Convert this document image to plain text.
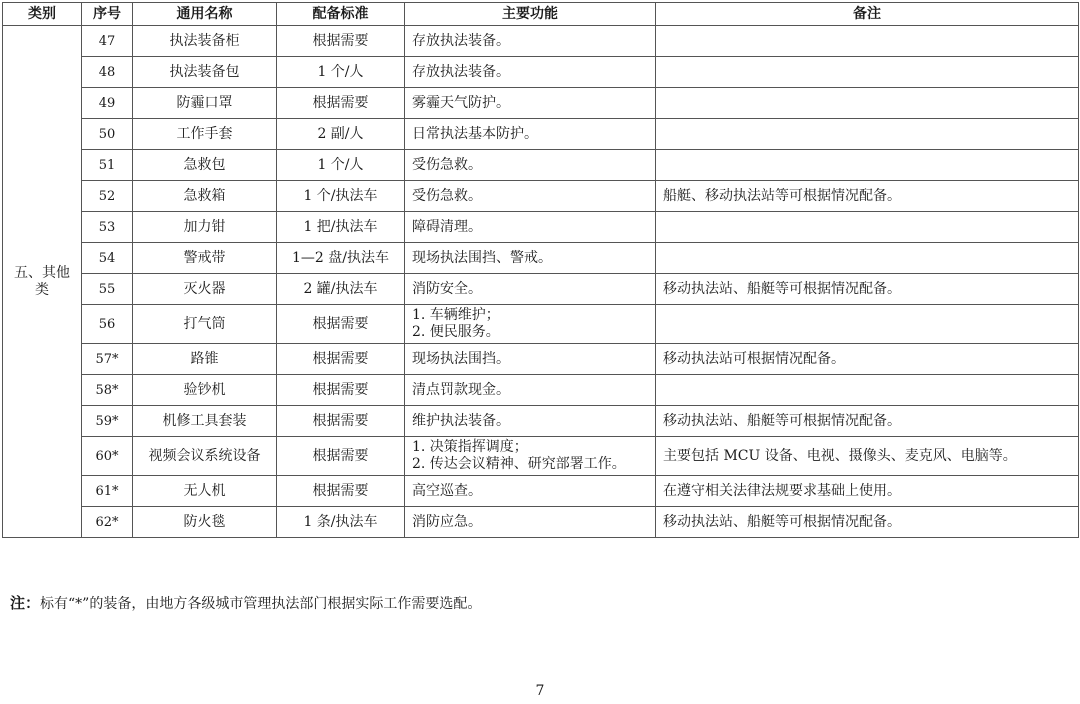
类别	序号	通用名称	配备标准	主要功能	备注
五、其他类	47	执法装备柜	根据需要	存放执法装备。	

	48	执法装备包	1 个/人	存放执法装备。	

	49	防霾口罩	根据需要	雾霾天气防护。	

	50	工作手套	2 副/人	日常执法基本防护。	

	51	急救包	1 个/人	受伤急救。	

	52	急救箱	1 个/执法车	受伤急救。	船艇、移动执法站等可根据情况配备。
	53	加力钳	1 把/执法车	障碍清理。	

	54	警戒带	1—2 盘/执法车	现场执法围挡、警戒。	

	55	灭火器	2 罐/执法车	消防安全。	移动执法站、船艇等可根据情况配备。
	56	打气筒	根据需要	1. 车辆维护；
2. 便民服务。	

	57*	路锥	根据需要	现场执法围挡。	移动执法站可根据情况配备。
	58*	验钞机	根据需要	清点罚款现金。	

	59*	机修工具套装	根据需要	维护执法装备。	移动执法站、船艇等可根据情况配备。
	60*	视频会议系统设备	根据需要	1. 决策指挥调度；
2. 传达会议精神、研究部署工作。	主要包括 MCU 设备、电视、摄像头、麦克风、电脑等。
	61*	无人机	根据需要	高空巡查。	在遵守相关法律法规要求基础上使用。
	62*	防火毯	1 条/执法车	消防应急。	移动执法站、船艇等可根据情况配备。
注：标有“*”的装备，由地方各级城市管理执法部门根据实际工作需要选配。
7
